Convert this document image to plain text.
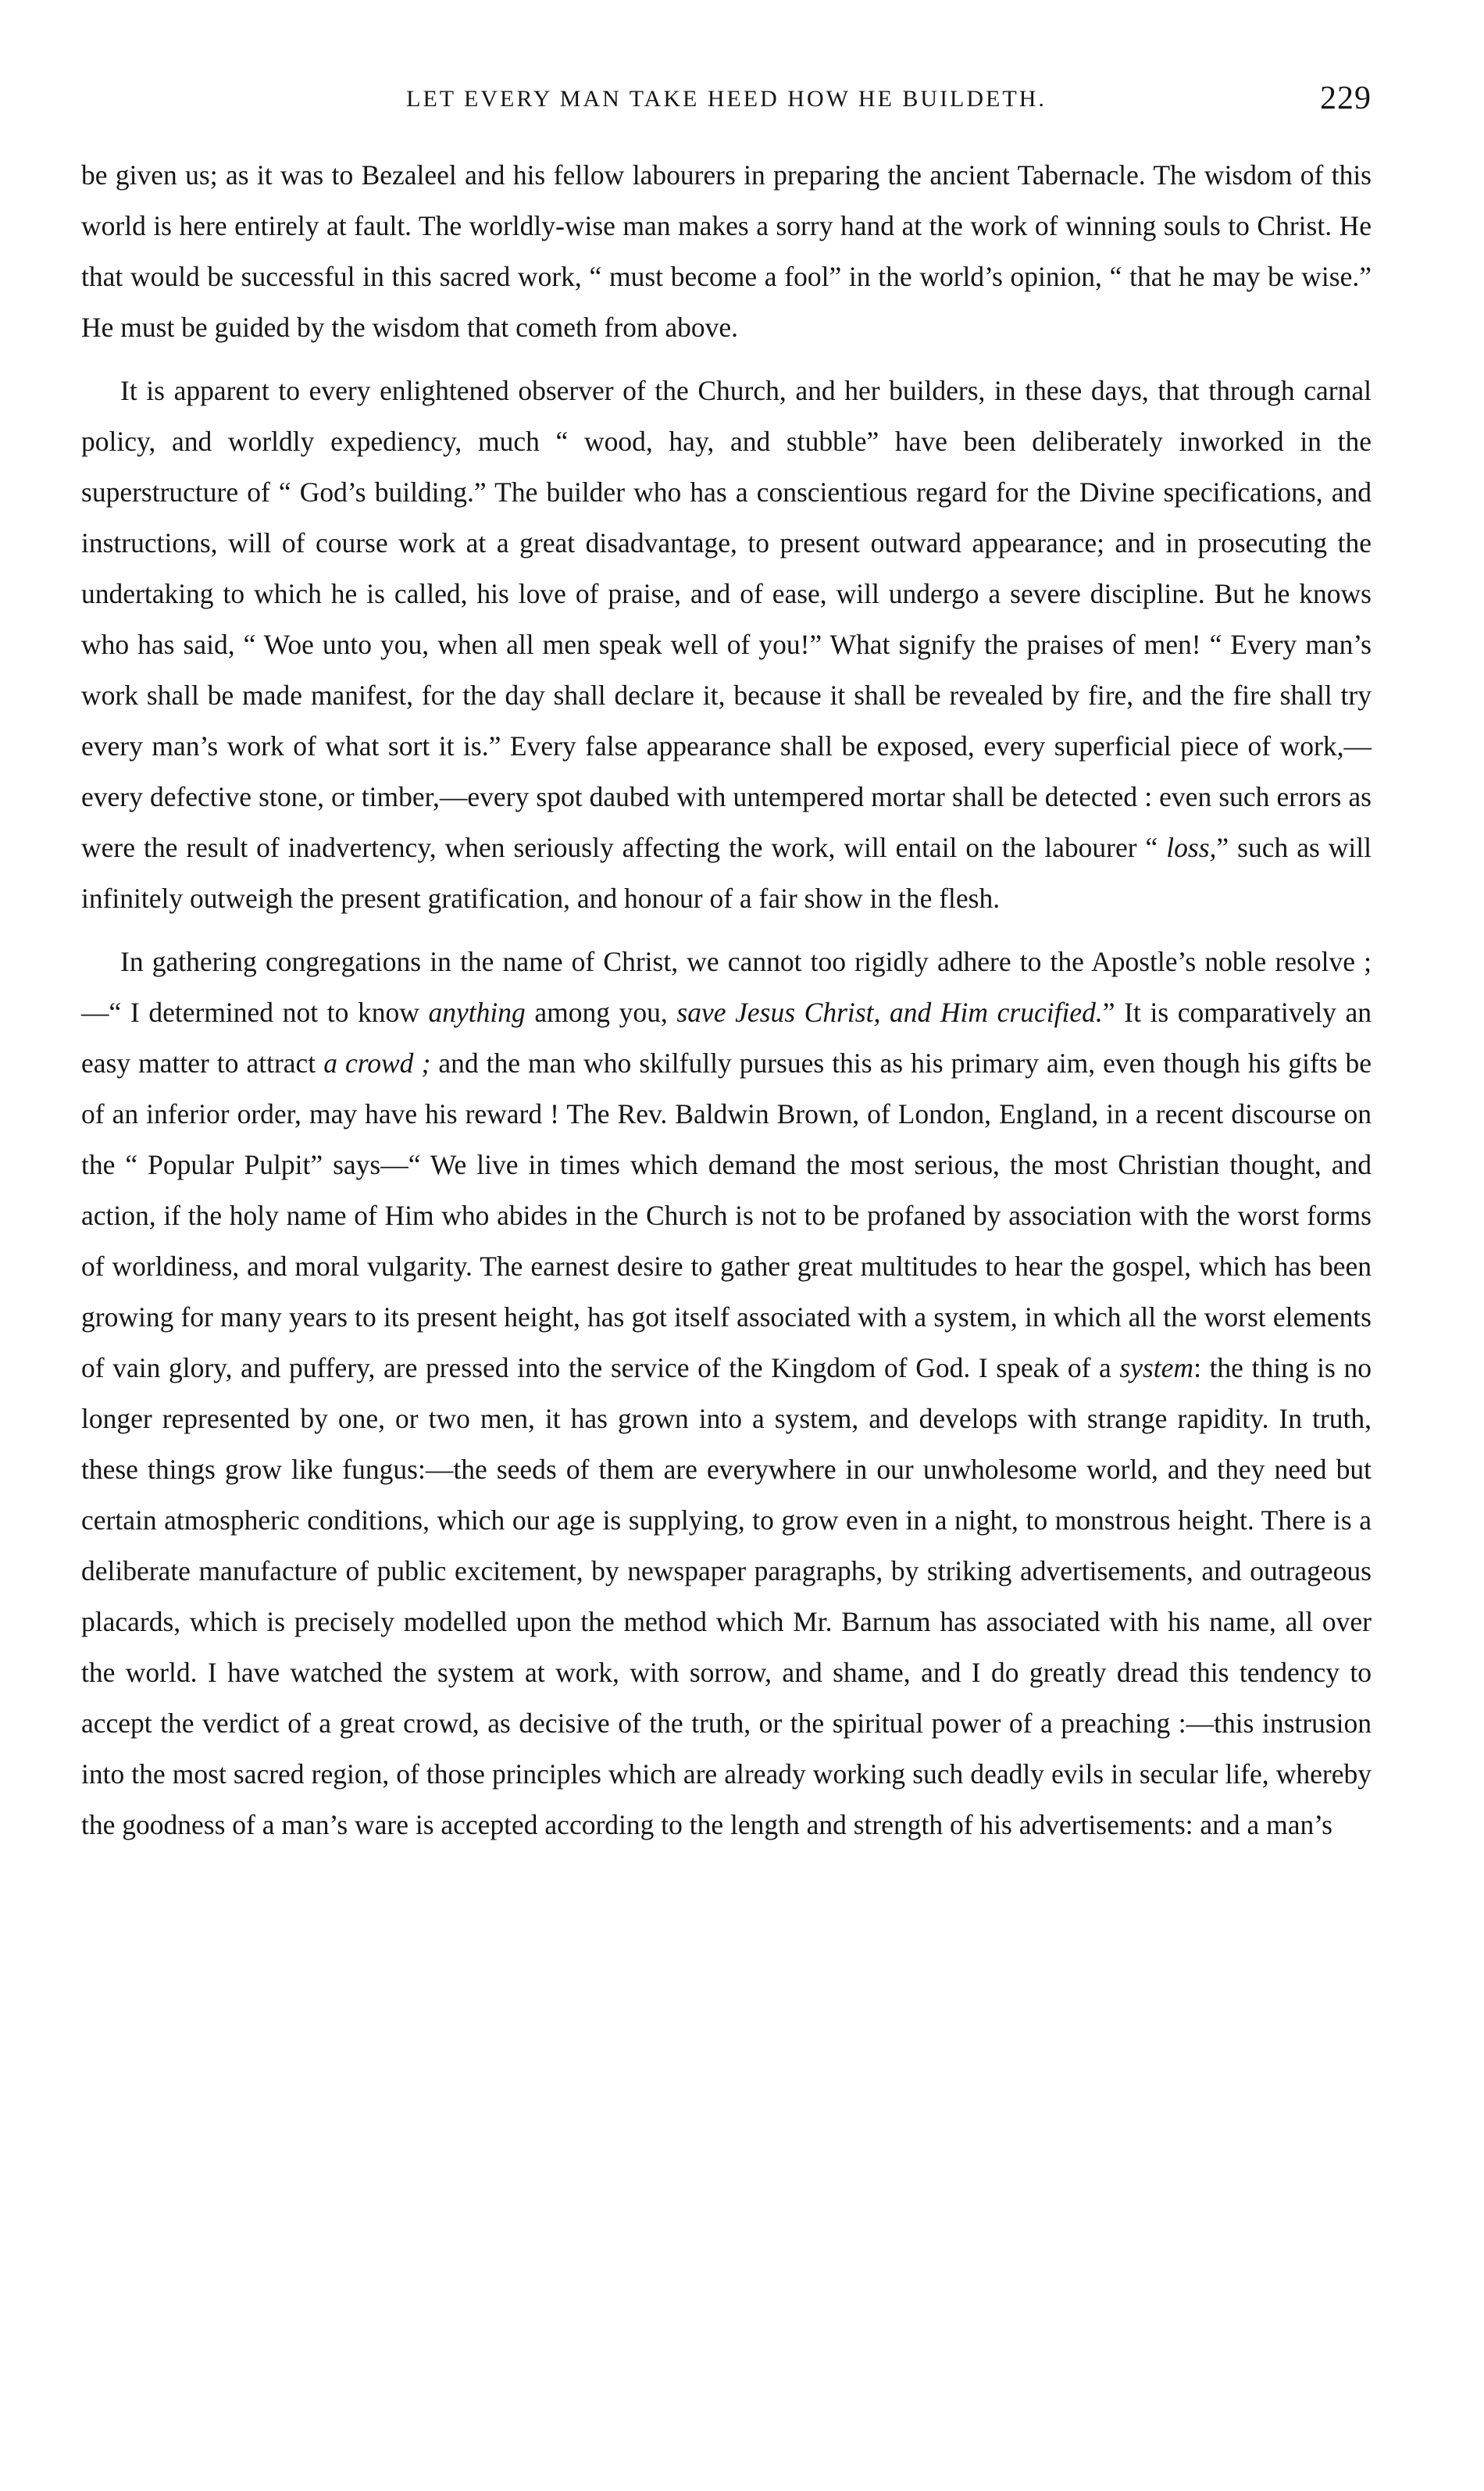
LET EVERY MAN TAKE HEED HOW HE BUILDETH.	229

be given us; as it was to Bezaleel and his fellow labourers in preparing the ancient Tabernacle. The wisdom of this world is here entirely at fault. The worldly-wise man makes a sorry hand at the work of winning souls to Christ. He that would be successful in this sacred work, “ must become a fool” in the world’s opinion, “ that he may be wise.” He must be guided by the wisdom that cometh from above.

It is apparent to every enlightened observer of the Church, and her builders, in these days, that through carnal policy, and worldly expediency, much “ wood, hay, and stubble” have been deliberately inworked in the superstructure of “ God’s building.” The builder who has a conscientious regard for the Divine specifications, and instructions, will of course work at a great disadvantage, to present outward appearance; and in prosecuting the undertaking to which he is called, his love of praise, and of ease, will undergo a severe discipline. But he knows who has said, “ Woe unto you, when all men speak well of you!” What signify the praises of men! “ Every man’s work shall be made manifest, for the day shall declare it, because it shall be revealed by fire, and the fire shall try every man’s work of what sort it is.” Every false appearance shall be exposed, every superficial piece of work,—every defective stone, or timber,—every spot daubed with untempered mortar shall be detected : even such errors as were the result of inadvertency, when seriously affecting the work, will entail on the labourer “ loss,” such as will infinitely outweigh the present gratification, and honour of a fair show in the flesh.

In gathering congregations in the name of Christ, we cannot too rigidly adhere to the Apostle’s noble resolve ;—“ I determined not to know anything among you, save Jesus Christ, and Him crucified.” It is comparatively an easy matter to attract a crowd ; and the man who skilfully pursues this as his primary aim, even though his gifts be of an inferior order, may have his reward ! The Rev. Baldwin Brown, of London, England, in a recent discourse on the “ Popular Pulpit” says—“ We live in times which demand the most serious, the most Christian thought, and action, if the holy name of Him who abides in the Church is not to be profaned by association with the worst forms of worldiness, and moral vulgarity. The earnest desire to gather great multitudes to hear the gospel, which has been growing for many years to its present height, has got itself associated with a system, in which all the worst elements of vain glory, and puffery, are pressed into the service of the Kingdom of God. I speak of a system: the thing is no longer represented by one, or two men, it has grown into a system, and develops with strange rapidity. In truth, these things grow like fungus:—the seeds of them are everywhere in our unwholesome world, and they need but certain atmospheric conditions, which our age is supplying, to grow even in a night, to monstrous height. There is a deliberate manufacture of public excitement, by newspaper paragraphs, by striking advertisements, and outrageous placards, which is precisely modelled upon the method which Mr. Barnum has associated with his name, all over the world. I have watched the system at work, with sorrow, and shame, and I do greatly dread this tendency to accept the verdict of a great crowd, as decisive of the truth, or the spiritual power of a preaching :—this instrusion into the most sacred region, of those principles which are already working such deadly evils in secular life, whereby the goodness of a man’s ware is accepted according to the length and strength of his advertisements: and a man’s
